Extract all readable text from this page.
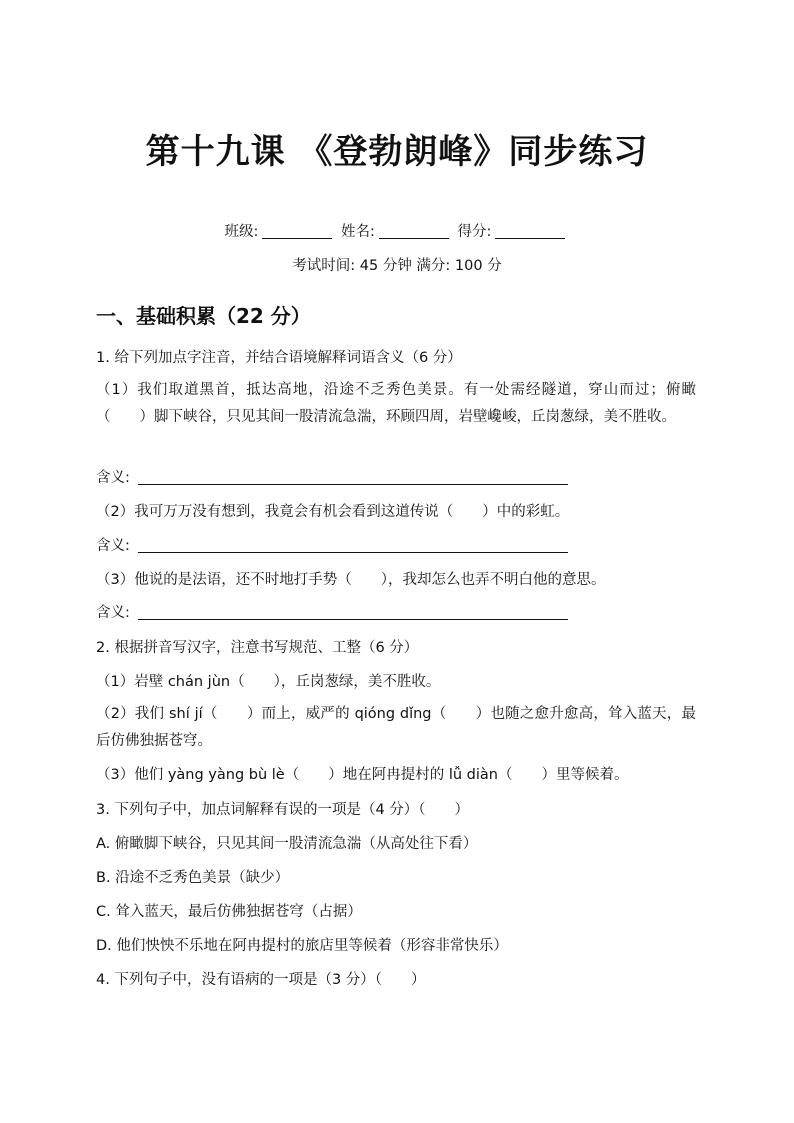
第十九课 《登勃朗峰》同步练习
班级:	姓名:	得分:
考试时间: 45 分钟 满分: 100 分
一、基础积累（22 分）
1. 给下列加点字注音，并结合语境解释词语含义（6 分）
（1）我们取道黑首，抵达高地，沿途不乏秀色美景。有一处需经隧道，穿山而过；俯瞰（　　）脚下峡谷，只见其间一股清流急湍，环顾四周，岩壁巉峻，丘岗葱绿，美不胜收。
含义:
（2）我可万万没有想到，我竟会有机会看到这道传说（　　）中的彩虹。
含义:
（3）他说的是法语，还不时地打手势（　　），我却怎么也弄不明白他的意思。
含义:
2. 根据拼音写汉字，注意书写规范、工整（6 分）
（1）岩壁 chán jùn（　　），丘岗葱绿，美不胜收。
（2）我们 shí jí（　　）而上，威严的 qióng dǐng（　　）也随之愈升愈高，耸入蓝天，最后仿佛独据苍穹。
（3）他们 yàng yàng bù lè（　　）地在阿冉提村的 lǚ diàn（　　）里等候着。
3. 下列句子中，加点词解释有误的一项是（4 分）（　　）
A. 俯瞰脚下峡谷，只见其间一股清流急湍（从高处往下看）
B. 沿途不乏秀色美景（缺少）
C. 耸入蓝天，最后仿佛独据苍穹（占据）
D. 他们怏怏不乐地在阿冉提村的旅店里等候着（形容非常快乐）
4. 下列句子中，没有语病的一项是（3 分）（　　）
